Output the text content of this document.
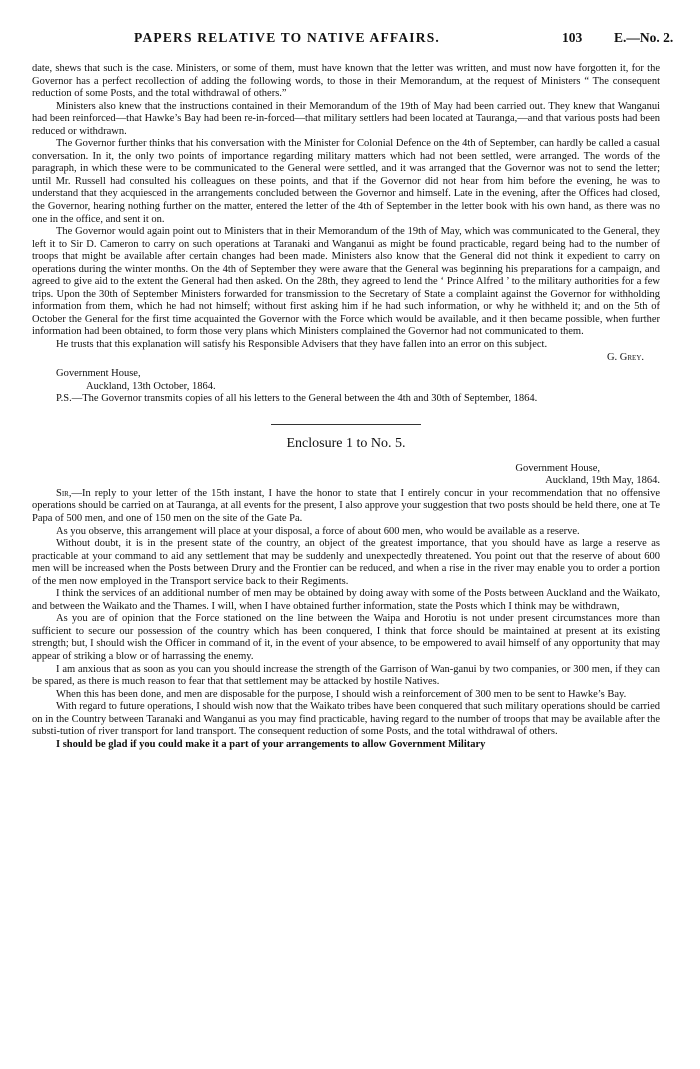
PAPERS RELATIVE TO NATIVE AFFAIRS.	103 E.—No. 2.

date, shews that such is the case. Ministers, or some of them, must have known that the letter was written, and must now have forgotten it, for the Governor has a perfect recollection of adding the following words, to those in their Memorandum, at the request of Ministers “ The consequent reduction of some Posts, and the total withdrawal of others.”

Ministers also knew that the instructions contained in their Memorandum of the 19th of May had been carried out. They knew that Wanganui had been reinforced—that Hawke’s Bay had been re-in-forced—that military settlers had been located at Tauranga,—and that various posts had been reduced or withdrawn.

The Governor further thinks that his conversation with the Minister for Colonial Defence on the 4th of September, can hardly be called a casual conversation. In it, the only two points of importance regarding military matters which had not been settled, were arranged. The words of the paragraph, in which these were to be communicated to the General were settled, and it was arranged that the Governor was not to send the letter; until Mr. Russell had consulted his colleagues on these points, and that if the Governor did not hear from him before the evening, he was to understand that they acquiesced in the arrangements concluded between the Governor and himself. Late in the evening, after the Offices had closed, the Governor, hearing nothing further on the matter, entered the letter of the 4th of September in the letter book with his own hand, as there was no one in the office, and sent it on.

The Governor would again point out to Ministers that in their Memorandum of the 19th of May, which was communicated to the General, they left it to Sir D. Cameron to carry on such operations at Taranaki and Wanganui as might be found practicable, regard being had to the number of troops that might be available after certain changes had been made. Ministers also know that the General did not think it expedient to carry on operations during the winter months. On the 4th of September they were aware that the General was beginning his preparations for a campaign, and agreed to give aid to the extent the General had then asked. On the 28th, they agreed to lend the ‘ Prince Alfred ’ to the military authorities for a few trips. Upon the 30th of September Ministers forwarded for transmission to the Secretary of State a complaint against the Governor for withholding information from them, which he had not himself; without first asking him if he had such information, or why he withheld it; and on the 5th of October the General for the first time acquainted the Governor with the Force which would be available, and it then became possible, when further information had been obtained, to form those very plans which Ministers complained the Governor had not communicated to them.

He trusts that this explanation will satisfy his Responsible Advisers that they have fallen into an error on this subject.

G. Grey.
Government House,
Auckland, 13th October, 1864.

P.S.—The Governor transmits copies of all his letters to the General between the 4th and 30th of September, 1864.

Enclosure 1 to No. 5.
Government House,
Auckland, 19th May, 1864.

Sir,—In reply to your letter of the 15th instant, I have the honor to state that I entirely concur in your recommendation that no offensive operations should be carried on at Tauranga, at all events for the present, I also approve your suggestion that two posts should be held there, one at Te Papa of 500 men, and one of 150 men on the site of the Gate Pa.

As you observe, this arrangement will place at your disposal, a force of about 600 men, who would be available as a reserve.

Without doubt, it is in the present state of the country, an object of the greatest importance, that you should have as large a reserve as practicable at your command to aid any settlement that may be suddenly and unexpectedly threatened. You point out that the reserve of about 600 men will be increased when the Posts between Drury and the Frontier can be reduced, and when a rise in the river may enable you to order a portion of the men now employed in the Transport service back to their Regiments.

I think the services of an additional number of men may be obtained by doing away with some of the Posts between Auckland and the Waikato, and between the Waikato and the Thames. I will, when I have obtained further information, state the Posts which I think may be withdrawn,

As you are of opinion that the Force stationed on the line between the Waipa and Horotiu is not under present circumstances more than sufficient to secure our possession of the country which has been conquered, I think that force should be maintained at present at its existing strength; but, I should wish the Officer in command of it, in the event of your absence, to be empowered to avail himself of any opportunity that may appear of striking a blow or of harrassing the enemy.

I am anxious that as soon as you can you should increase the strength of the Garrison of Wan-ganui by two companies, or 300 men, if they can be spared, as there is much reason to fear that that settlement may be attacked by hostile Natives.

When this has been done, and men are disposable for the purpose, I should wish a reinforcement of 300 men to be sent to Hawke’s Bay.

With regard to future operations, I should wish now that the Waikato tribes have been conquered that such military operations should be carried on in the Country between Taranaki and Wanganui as you may find practicable, having regard to the number of troops that may be available after the substi-tution of river transport for land transport. The consequent reduction of some Posts, and the total withdrawal of others.

I should be glad if you could make it a part of your arrangements to allow Government Military
